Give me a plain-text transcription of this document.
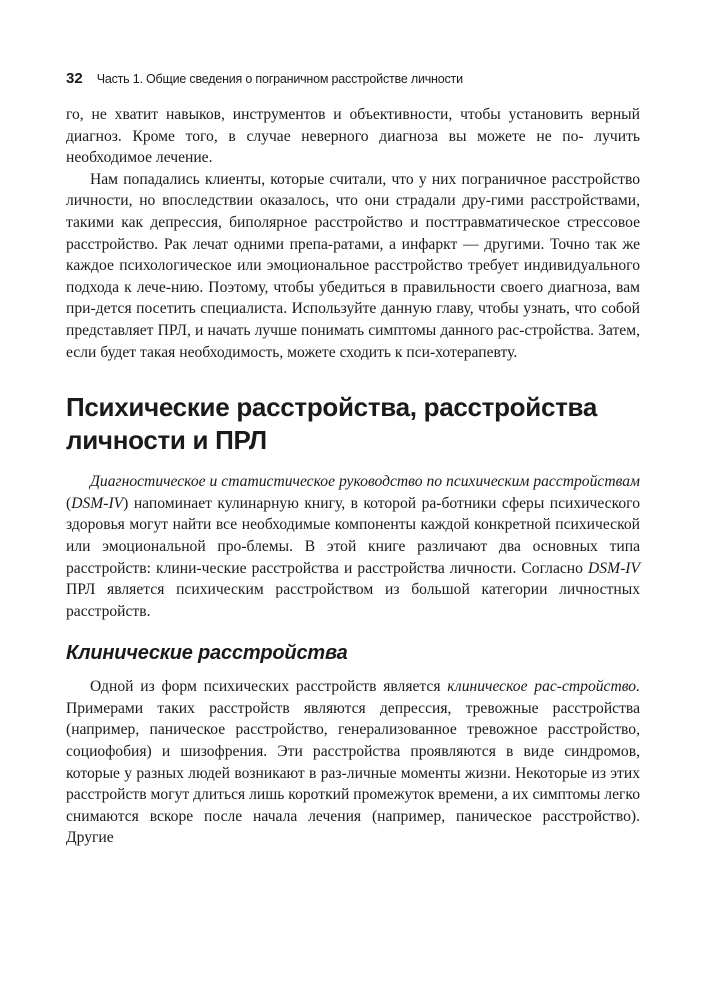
32 Часть 1. Общие сведения о пограничном расстройстве личности

го, не хватит навыков, инструментов и объективности, чтобы установить верный диагноз. Кроме того, в случае неверного диагноза вы можете не по- лучить необходимое лечение.

Нам попадались клиенты, которые считали, что у них пограничное расстройство личности, но впоследствии оказалось, что они страдали дру-гими расстройствами, такими как депрессия, биполярное расстройство и посттравматическое стрессовое расстройство. Рак лечат одними препа-ратами, а инфаркт — другими. Точно так же каждое психологическое или эмоциональное расстройство требует индивидуального подхода к лече-нию. Поэтому, чтобы убедиться в правильности своего диагноза, вам при-дется посетить специалиста. Используйте данную главу, чтобы узнать, что собой представляет ПРЛ, и начать лучше понимать симптомы данного рас-стройства. Затем, если будет такая необходимость, можете сходить к пси-хотерапевту.

Психические расстройства, расстройства личности и ПРЛ

Диагностическое и статистическое руководство по психическим расстройствам (DSM-IV) напоминает кулинарную книгу, в которой ра-ботники сферы психического здоровья могут найти все необходимые компоненты каждой конкретной психической или эмоциональной про-блемы. В этой книге различают два основных типа расстройств: клини-ческие расстройства и расстройства личности. Согласно DSM-IV ПРЛ является психическим расстройством из большой категории личностных расстройств.

Клинические расстройства

Одной из форм психических расстройств является клиническое рас-стройство. Примерами таких расстройств являются депрессия, тревожные расстройства (например, паническое расстройство, генерализованное тревожное расстройство, социофобия) и шизофрения. Эти расстройства проявляются в виде синдромов, которые у разных людей возникают в раз-личные моменты жизни. Некоторые из этих расстройств могут длиться лишь короткий промежуток времени, а их симптомы легко снимаются вскоре после начала лечения (например, паническое расстройство). Другие
